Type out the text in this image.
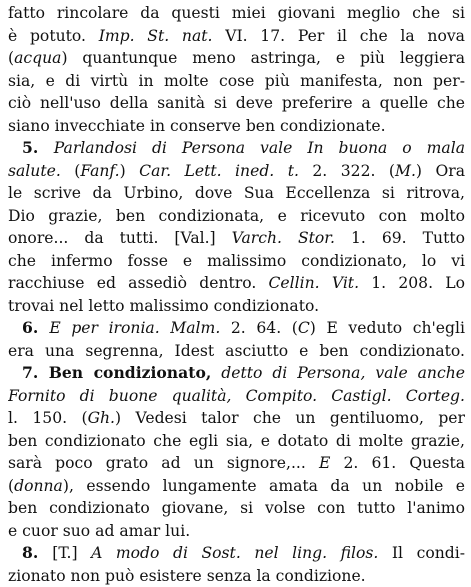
fatto rincolare da questi miei giovani meglio che si
è potuto. Imp. St. nat. VI. 17. Per il che la nova
(acqua) quantunque meno astringa, e più leggiera
sia, e di virtù in molte cose più manifesta, non per-
ciò nell'uso della sanità si deve preferire a quelle che
siano invecchiate in conserve ben condizionate.
5. Parlandosi di Persona vale In buona o mala
salute. (Fanf.) Car. Lett. ined. t. 2. 322. (M.) Ora
le scrive da Urbino, dove Sua Eccellenza si ritrova,
Dio grazie, ben condizionata, e ricevuto con molto
onore... da tutti. [Val.] Varch. Stor. 1. 69. Tutto
che infermo fosse e malissimo condizionato, lo vi
racchiuse ed assediò dentro. Cellin. Vit. 1. 208. Lo
trovai nel letto malissimo condizionato.
6. E per ironia. Malm. 2. 64. (C) E veduto ch'egli
era una segrenna, Idest asciutto e ben condizionato.
7. Ben condizionato, detto di Persona, vale anche
Fornito di buone qualità, Compito. Castigl. Corteg.
l. 150. (Gh.) Vedesi talor che un gentiluomo, per
ben condizionato che egli sia, e dotato di molte grazie,
sarà poco grato ad un signore,... E 2. 61. Questa
(donna), essendo lungamente amata da un nobile e
ben condizionato giovane, si volse con tutto l'animo
e cuor suo ad amar lui.
8. [T.] A modo di Sost. nel ling. filos. Il condi-
zionato non può esistere senza la condizione.
